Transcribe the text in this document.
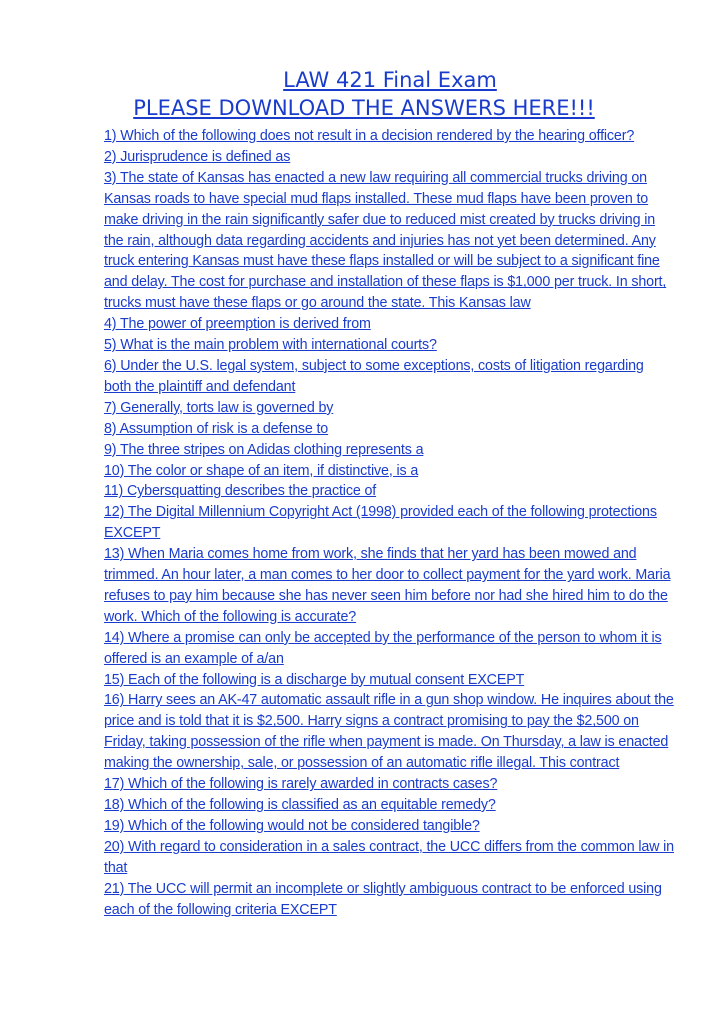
LAW 421 Final Exam
PLEASE DOWNLOAD THE ANSWERS HERE!!!
1) Which of the following does not result in a decision rendered by the hearing officer?
2) Jurisprudence is defined as
3) The state of Kansas has enacted a new law requiring all commercial trucks driving on Kansas roads to have special mud flaps installed. These mud flaps have been proven to make driving in the rain significantly safer due to reduced mist created by trucks driving in the rain, although data regarding accidents and injuries has not yet been determined. Any truck entering Kansas must have these flaps installed or will be subject to a significant fine and delay. The cost for purchase and installation of these flaps is $1,000 per truck. In short, trucks must have these flaps or go around the state. This Kansas law
4) The power of preemption is derived from
5) What is the main problem with international courts?
6) Under the U.S. legal system, subject to some exceptions, costs of litigation regarding both the plaintiff and defendant
7) Generally, torts law is governed by
8) Assumption of risk is a defense to
9) The three stripes on Adidas clothing represents a
10) The color or shape of an item, if distinctive, is a
11) Cybersquatting describes the practice of
12) The Digital Millennium Copyright Act (1998) provided each of the following protections EXCEPT
13) When Maria comes home from work, she finds that her yard has been mowed and trimmed. An hour later, a man comes to her door to collect payment for the yard work. Maria refuses to pay him because she has never seen him before nor had she hired him to do the work. Which of the following is accurate?
14) Where a promise can only be accepted by the performance of the person to whom it is offered is an example of a/an
15) Each of the following is a discharge by mutual consent EXCEPT
16) Harry sees an AK-47 automatic assault rifle in a gun shop window. He inquires about the price and is told that it is $2,500. Harry signs a contract promising to pay the $2,500 on Friday, taking possession of the rifle when payment is made. On Thursday, a law is enacted making the ownership, sale, or possession of an automatic rifle illegal. This contract
17) Which of the following is rarely awarded in contracts cases?
18) Which of the following is classified as an equitable remedy?
19) Which of the following would not be considered tangible?
20) With regard to consideration in a sales contract, the UCC differs from the common law in that
21) The UCC will permit an incomplete or slightly ambiguous contract to be enforced using each of the following criteria EXCEPT
